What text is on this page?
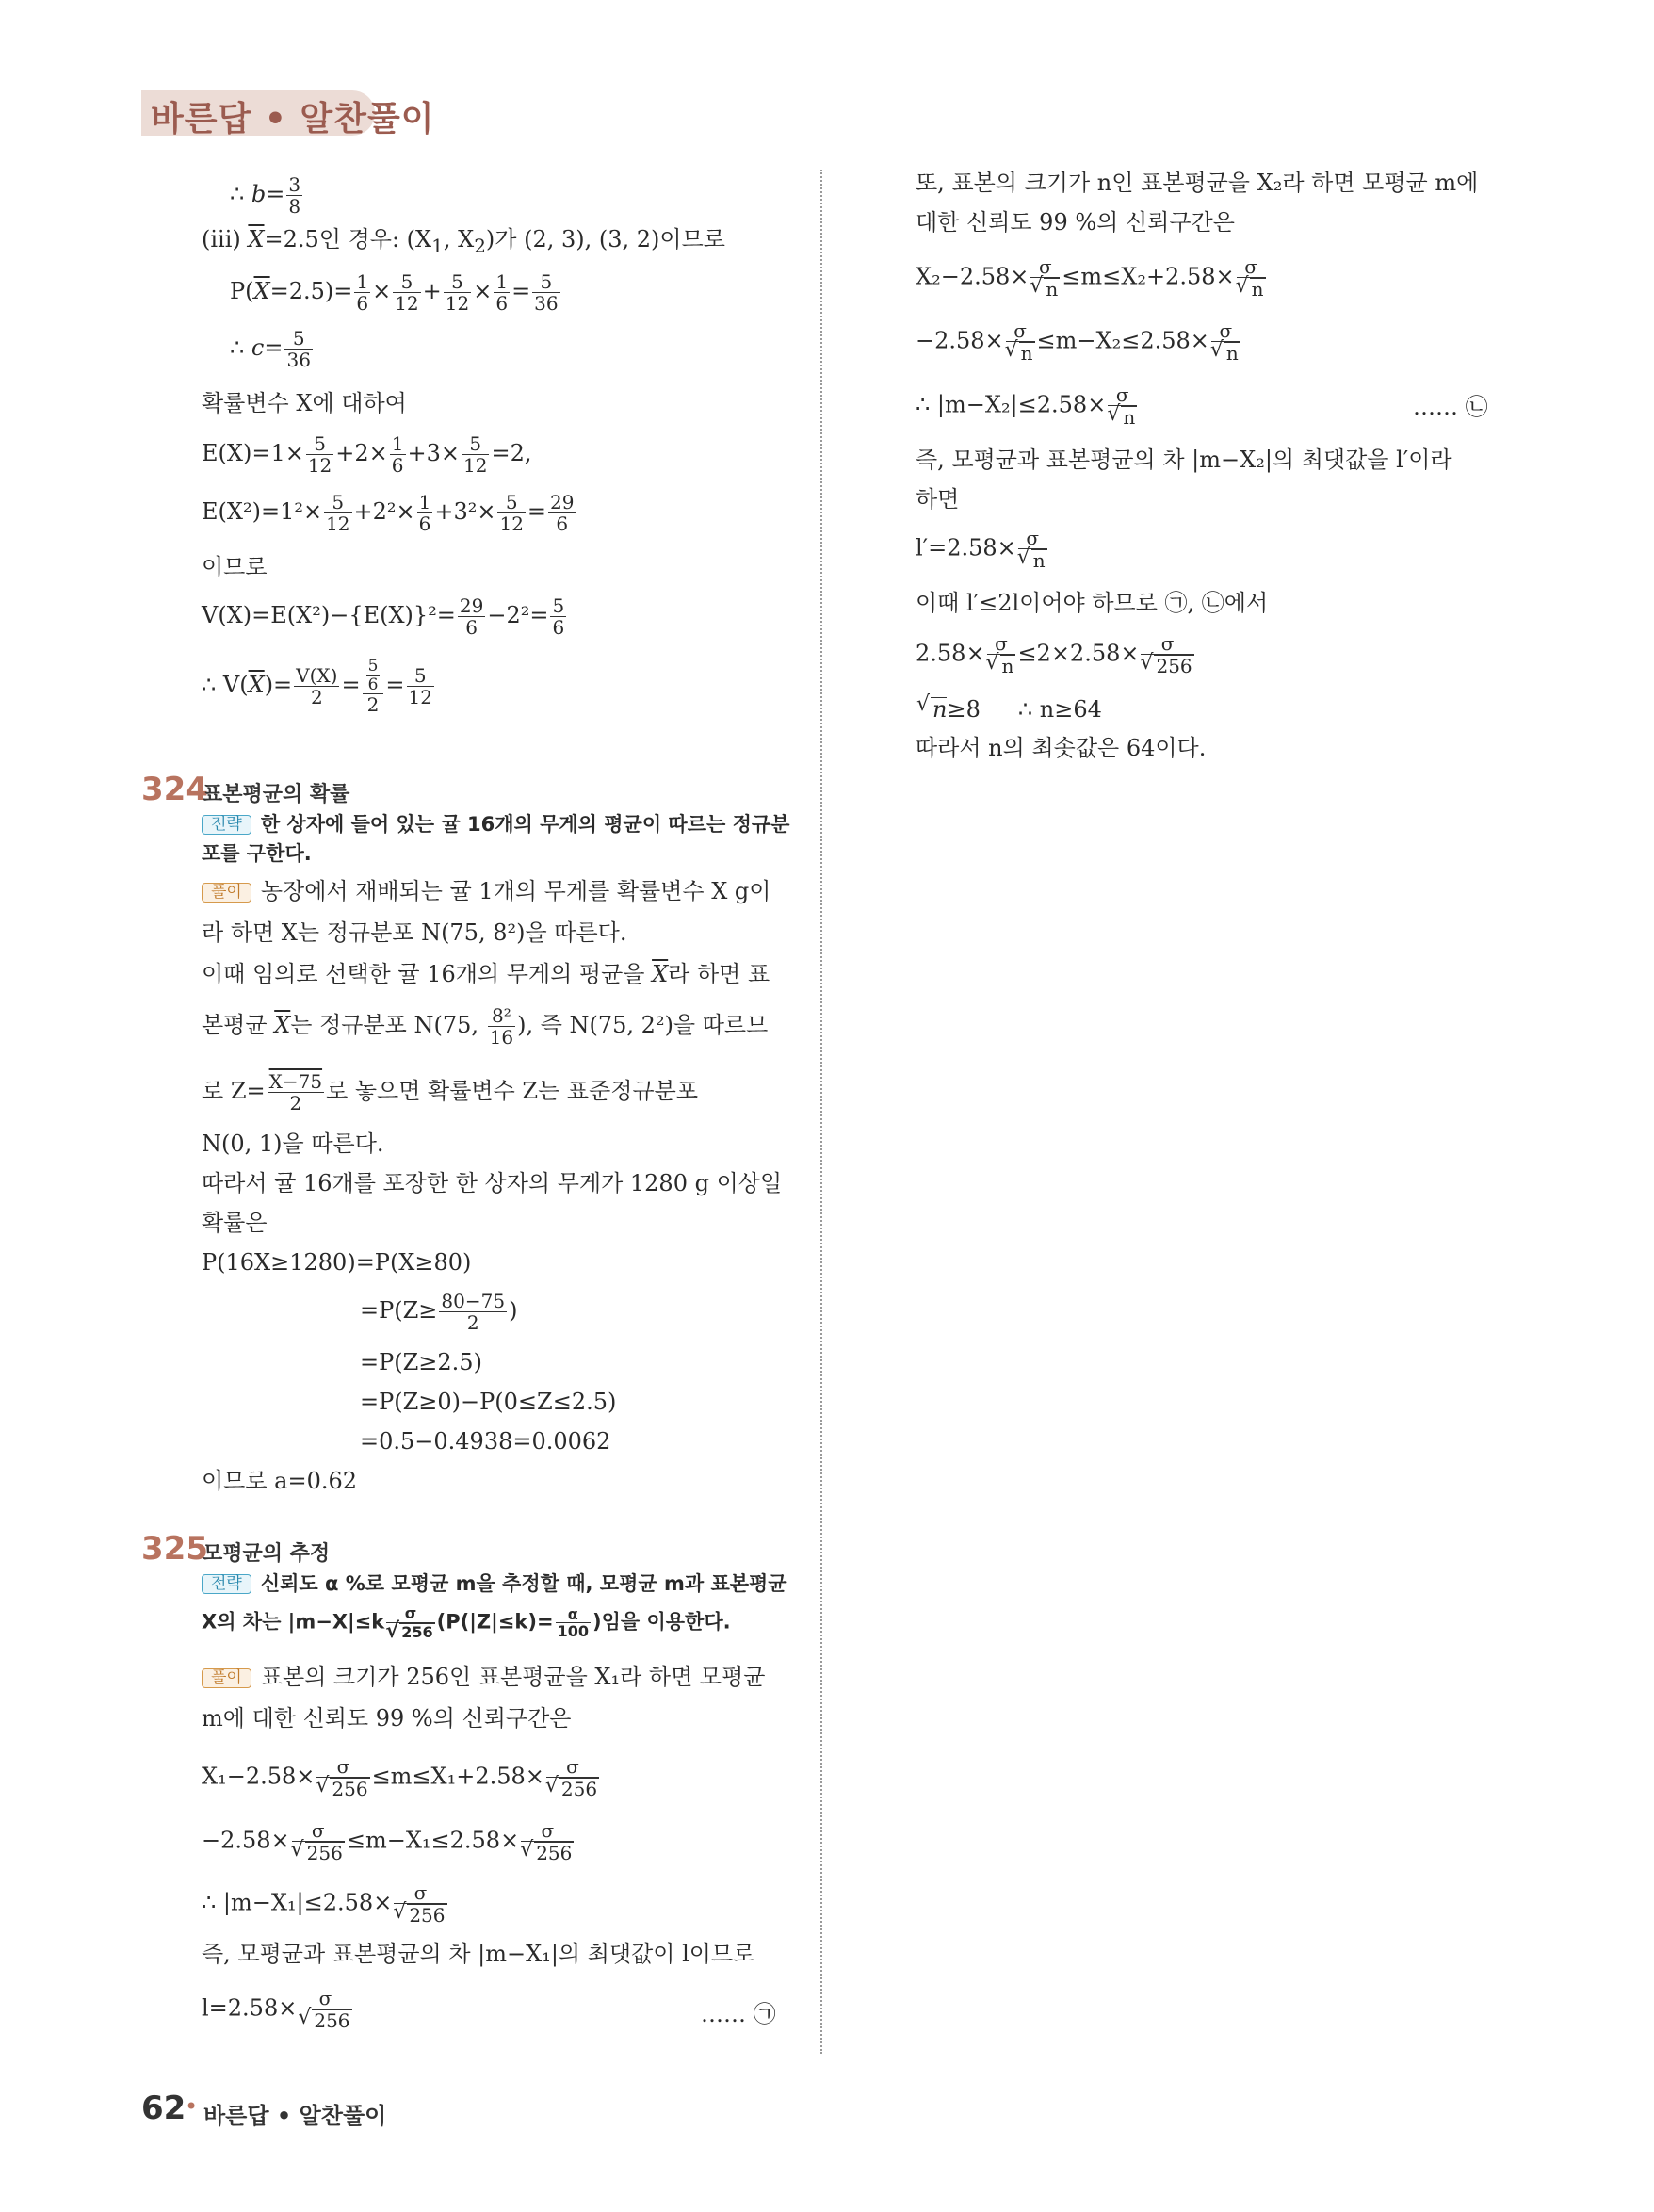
바른답 • 알찬풀이
∴ $b= \frac{3}{8}$
(iii) $\overline{X}=2.5$인 경우: ($X_1$, $X_2$)가 (2, 3), (3, 2)이므로
$P(\overline{X}=2.5)= \frac{1}{6} \times \frac{5}{12} + \frac{5}{12} \times \frac{1}{6} = \frac{5}{36}$
∴ $c= \frac{5}{36}$
확률변수 X에 대하여
$E(X)=1\times \frac{5}{12} +2\times \frac{1}{6} +3\times \frac{5}{12} =2$,
$E(X^2)=1^2\times \frac{5}{12} +2^2\times \frac{1}{6} +3^2\times \frac{5}{12} = \frac{29}{6}$
이므로
$V(X)=E(X^2)-\{E(X)\}^2= \frac{29}{6} -2^2= \frac{5}{6}$
∴ $V(\overline{X})= \frac{V(X)}{2} = \frac{\frac{5}{6}}{2} = \frac{5}{12}$
324
표본평균의 확률
전략 한 상자에 들어 있는 귤 16개의 무게의 평균이 따르는 정규분
포를 구한다.
풀이 농장에서 재배되는 귤 1개의 무게를 확률변수 X g이
라 하면 X는 정규분포 N(75, 8²)을 따른다.
이때 임의로 선택한 귤 16개의 무게의 평균을 $\overline{X}$라 하면 표
본평균 $\overline{X}$는 정규분포 N(75, $\frac{\text{8²}}{16}$ ), 즉 N(75, 2²)을 따르므
로 $Z= \frac{X-75}{2}$ 로 놓으면 확률변수 Z는 표준정규분포
N(0, 1)을 따른다.
따라서 귤 16개를 포장한 한 상자의 무게가 1280 g 이상일
확률은
P(16X≥1280)=P(X≥80)
$=P(Z\ge \frac{80-75}{2}$ )
=P(Z≥2.5)
=P(Z≥0)−P(0≤Z≤2.5)
=0.5−0.4938=0.0062
이므로 a=0.62
325
모평균의 추정
전략 신뢰도 α %로 모평균 m을 추정할 때, 모평균 m과 표본평균
X의 차는 |m−X|≤k σ
√ 256 ($P(|Z|\le k)= \frac{\alpha}{100}$ )임을 이용한다.
풀이 표본의 크기가 256인 표본평균을 X₁라 하면 모평균
m에 대한 신뢰도 99 %의 신뢰구간은
X₁−2.58× σ
√ 256 ≤m≤X₁+2.58× σ
√ 256
−2.58× σ
√ 256 ≤m−X₁≤2.58× σ
√ 256
∴ |m−X₁|≤2.58× σ
√ 256
즉, 모평균과 표본평균의 차 |m−X₁|의 최댓값이 l이므로
l=2.58× σ
√ 256	…… ㉠
또, 표본의 크기가 n인 표본평균을 X₂라 하면 모평균 m에
대한 신뢰도 99 %의 신뢰구간은
X₂−2.58× σ
√ n ≤m≤X₂+2.58× σ
√ n
−2.58× σ
√ n ≤m−X₂≤2.58× σ
√ n
∴ |m−X₂|≤2.58× σ
√ n	…… ㉡
즉, 모평균과 표본평균의 차 |m−X₂|의 최댓값을 l′이라
하면
l′=2.58× σ
√ n
이때 l′≤2l이어야 하므로 ㉠, ㉡에서
2.58× σ
√ n ≤2×2.58× σ
√ 256
√ n≥8 ∴ n≥64
따라서 n의 최솟값은 64이다.
62
• 바른답 • 알찬풀이
